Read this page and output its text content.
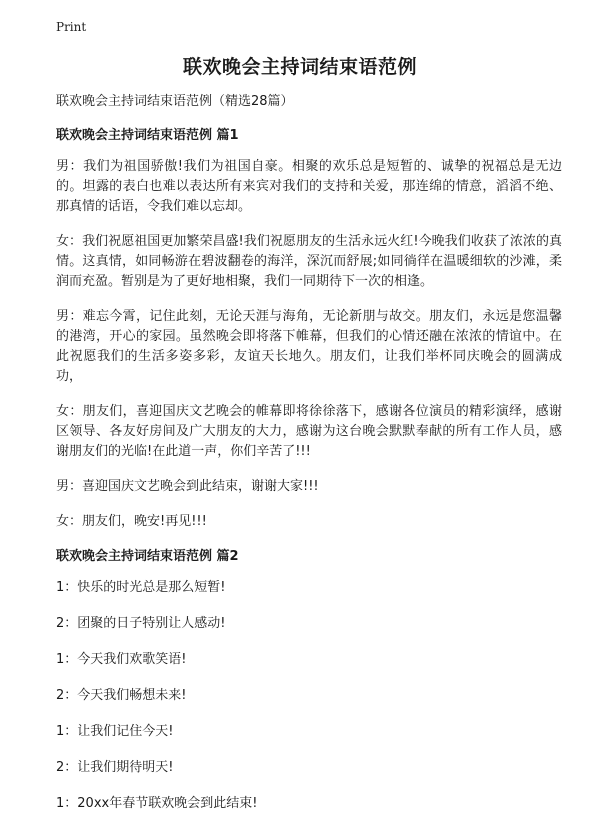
Print
联欢晚会主持词结束语范例

联欢晚会主持词结束语范例（精选28篇）

联欢晚会主持词结束语范例 篇1

男：我们为祖国骄傲!我们为祖国自豪。相聚的欢乐总是短暂的、诚挚的祝福总是无边的。坦露的表白也难以表达所有来宾对我们的支持和关爱，那连绵的情意，滔滔不绝、那真情的话语，令我们难以忘却。

女：我们祝愿祖国更加繁荣昌盛!我们祝愿朋友的生活永远火红!今晚我们收获了浓浓的真情。这真情，如同畅游在碧波翻卷的海洋，深沉而舒展;如同徜徉在温暖细软的沙滩，柔润而充盈。暂别是为了更好地相聚，我们一同期待下一次的相逢。

男：难忘今霄，记住此刻，无论天涯与海角，无论新朋与故交。朋友们，永远是您温馨的港湾，开心的家园。虽然晚会即将落下帷幕，但我们的心情还融在浓浓的情谊中。在此祝愿我们的生活多姿多彩，友谊天长地久。朋友们，让我们举杯同庆晚会的圆满成功，

女：朋友们，喜迎国庆文艺晚会的帷幕即将徐徐落下，感谢各位演员的精彩演绎，感谢区领导、各友好房间及广大朋友的大力，感谢为这台晚会默默奉献的所有工作人员，感谢朋友们的光临!在此道一声，你们辛苦了!!!

男：喜迎国庆文艺晚会到此结束，谢谢大家!!!

女：朋友们，晚安!再见!!!

联欢晚会主持词结束语范例 篇2

1：快乐的时光总是那么短暂!

2：团聚的日子特别让人感动!

1：今天我们欢歌笑语!

2：今天我们畅想未来!

1：让我们记住今天!

2：让我们期待明天!

1：20xx年春节联欢晚会到此结束!
